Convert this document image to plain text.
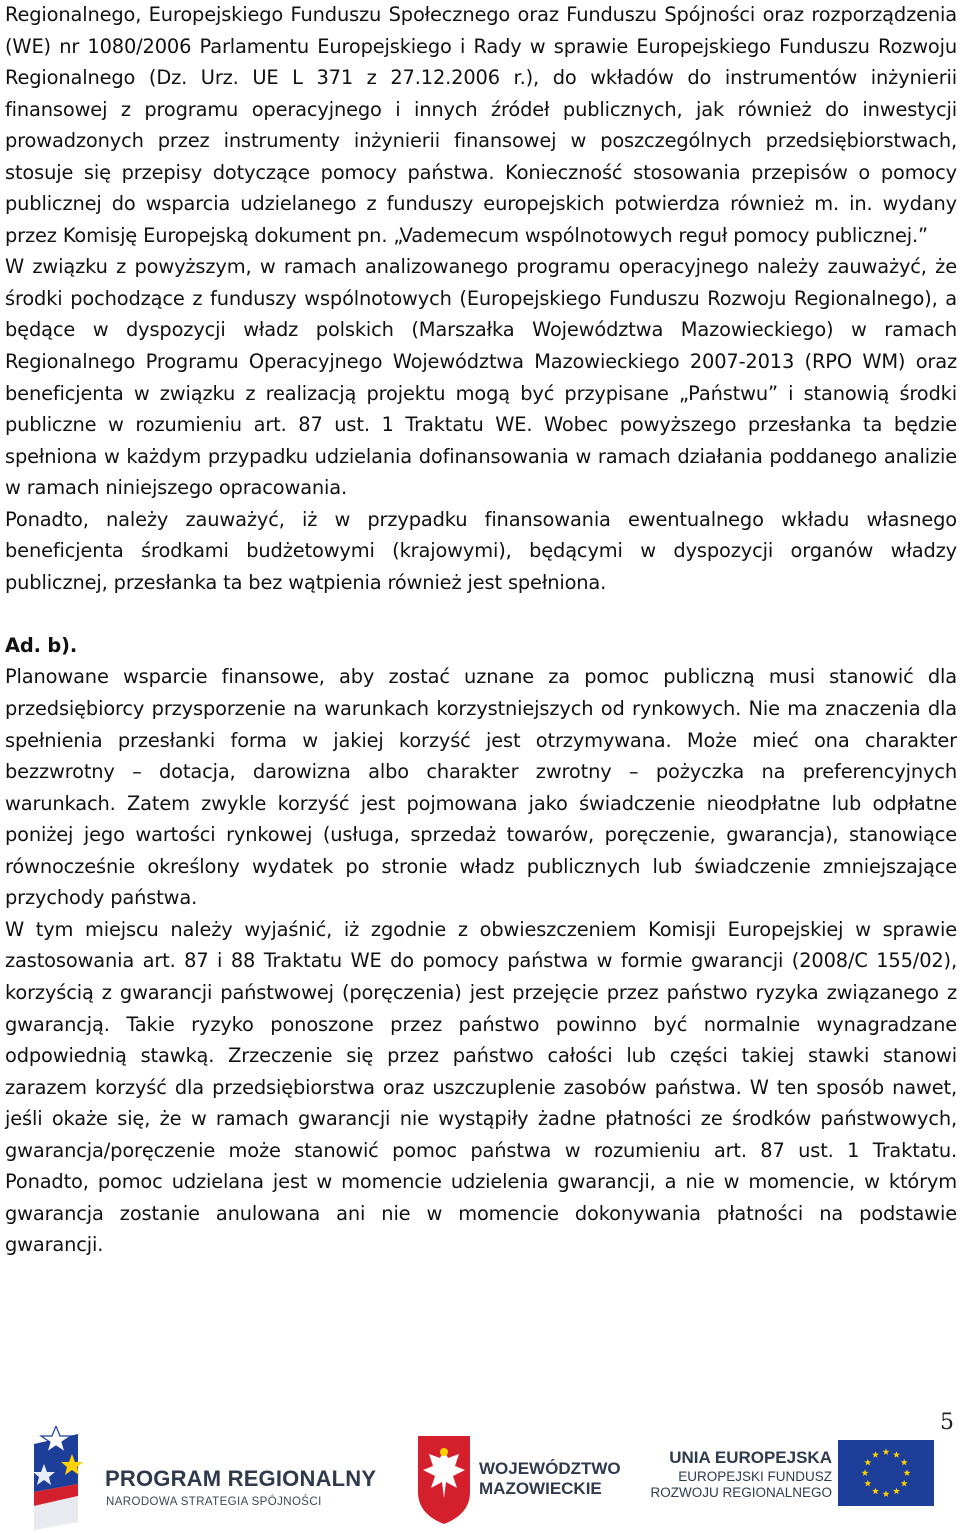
Regionalnego, Europejskiego Funduszu Społecznego oraz Funduszu Spójności oraz rozporządzenia (WE) nr 1080/2006 Parlamentu Europejskiego i Rady w sprawie Europejskiego Funduszu Rozwoju Regionalnego (Dz. Urz. UE L 371 z 27.12.2006 r.), do wkładów do instrumentów inżynierii finansowej z programu operacyjnego i innych źródeł publicznych, jak również do inwestycji prowadzonych przez instrumenty inżynierii finansowej w poszczególnych przedsiębiorstwach, stosuje się przepisy dotyczące pomocy państwa. Konieczność stosowania przepisów o pomocy publicznej do wsparcia udzielanego z funduszy europejskich potwierdza również m. in. wydany przez Komisję Europejską dokument pn. „Vademecum wspólnotowych reguł pomocy publicznej.”

W związku z powyższym, w ramach analizowanego programu operacyjnego należy zauważyć, że środki pochodzące z funduszy wspólnotowych (Europejskiego Funduszu Rozwoju Regionalnego), a będące w dyspozycji władz polskich (Marszałka Województwa Mazowieckiego) w ramach Regionalnego Programu Operacyjnego Województwa Mazowieckiego 2007-2013 (RPO WM) oraz beneficjenta w związku z realizacją projektu mogą być przypisane „Państwu” i stanowią środki publiczne w rozumieniu art. 87 ust. 1 Traktatu WE. Wobec powyższego przesłanka ta będzie spełniona w każdym przypadku udzielania dofinansowania w ramach działania poddanego analizie w ramach niniejszego opracowania.

Ponadto, należy zauważyć, iż w przypadku finansowania ewentualnego wkładu własnego beneficjenta środkami budżetowymi (krajowymi), będącymi w dyspozycji organów władzy publicznej, przesłanka ta bez wątpienia również jest spełniona.

Ad. b).

Planowane wsparcie finansowe, aby zostać uznane za pomoc publiczną musi stanowić dla przedsiębiorcy przysporzenie na warunkach korzystniejszych od rynkowych. Nie ma znaczenia dla spełnienia przesłanki forma w jakiej korzyść jest otrzymywana. Może mieć ona charakter bezzwrotny – dotacja, darowizna albo charakter zwrotny – pożyczka na preferencyjnych warunkach. Zatem zwykle korzyść jest pojmowana jako świadczenie nieodpłatne lub odpłatne poniżej jego wartości rynkowej (usługa, sprzedaż towarów, poręczenie, gwarancja), stanowiące równocześnie określony wydatek po stronie władz publicznych lub świadczenie zmniejszające przychody państwa.

W tym miejscu należy wyjaśnić, iż zgodnie z obwieszczeniem Komisji Europejskiej w sprawie zastosowania art. 87 i 88 Traktatu WE do pomocy państwa w formie gwarancji (2008/C 155/02), korzyścią z gwarancji państwowej (poręczenia) jest przejęcie przez państwo ryzyka związanego z gwarancją. Takie ryzyko ponoszone przez państwo powinno być normalnie wynagradzane odpowiednią stawką. Zrzeczenie się przez państwo całości lub części takiej stawki stanowi zarazem korzyść dla przedsiębiorstwa oraz uszczuplenie zasobów państwa. W ten sposób nawet, jeśli okaże się, że w ramach gwarancji nie wystąpiły żadne płatności ze środków państwowych, gwarancja/poręczenie może stanowić pomoc państwa w rozumieniu art. 87 ust. 1 Traktatu. Ponadto, pomoc udzielana jest w momencie udzielenia gwarancji, a nie w momencie, w którym gwarancja zostanie anulowana ani nie w momencie dokonywania płatności na podstawie gwarancji.

5
PROGRAM REGIONALNY
NARODOWA STRATEGIA SPÓJNOŚCI
WOJEWÓDZTWO
MAZOWIECKIE
UNIA EUROPEJSKA
EUROPEJSKI FUNDUSZ
ROZWOJU REGIONALNEGO
